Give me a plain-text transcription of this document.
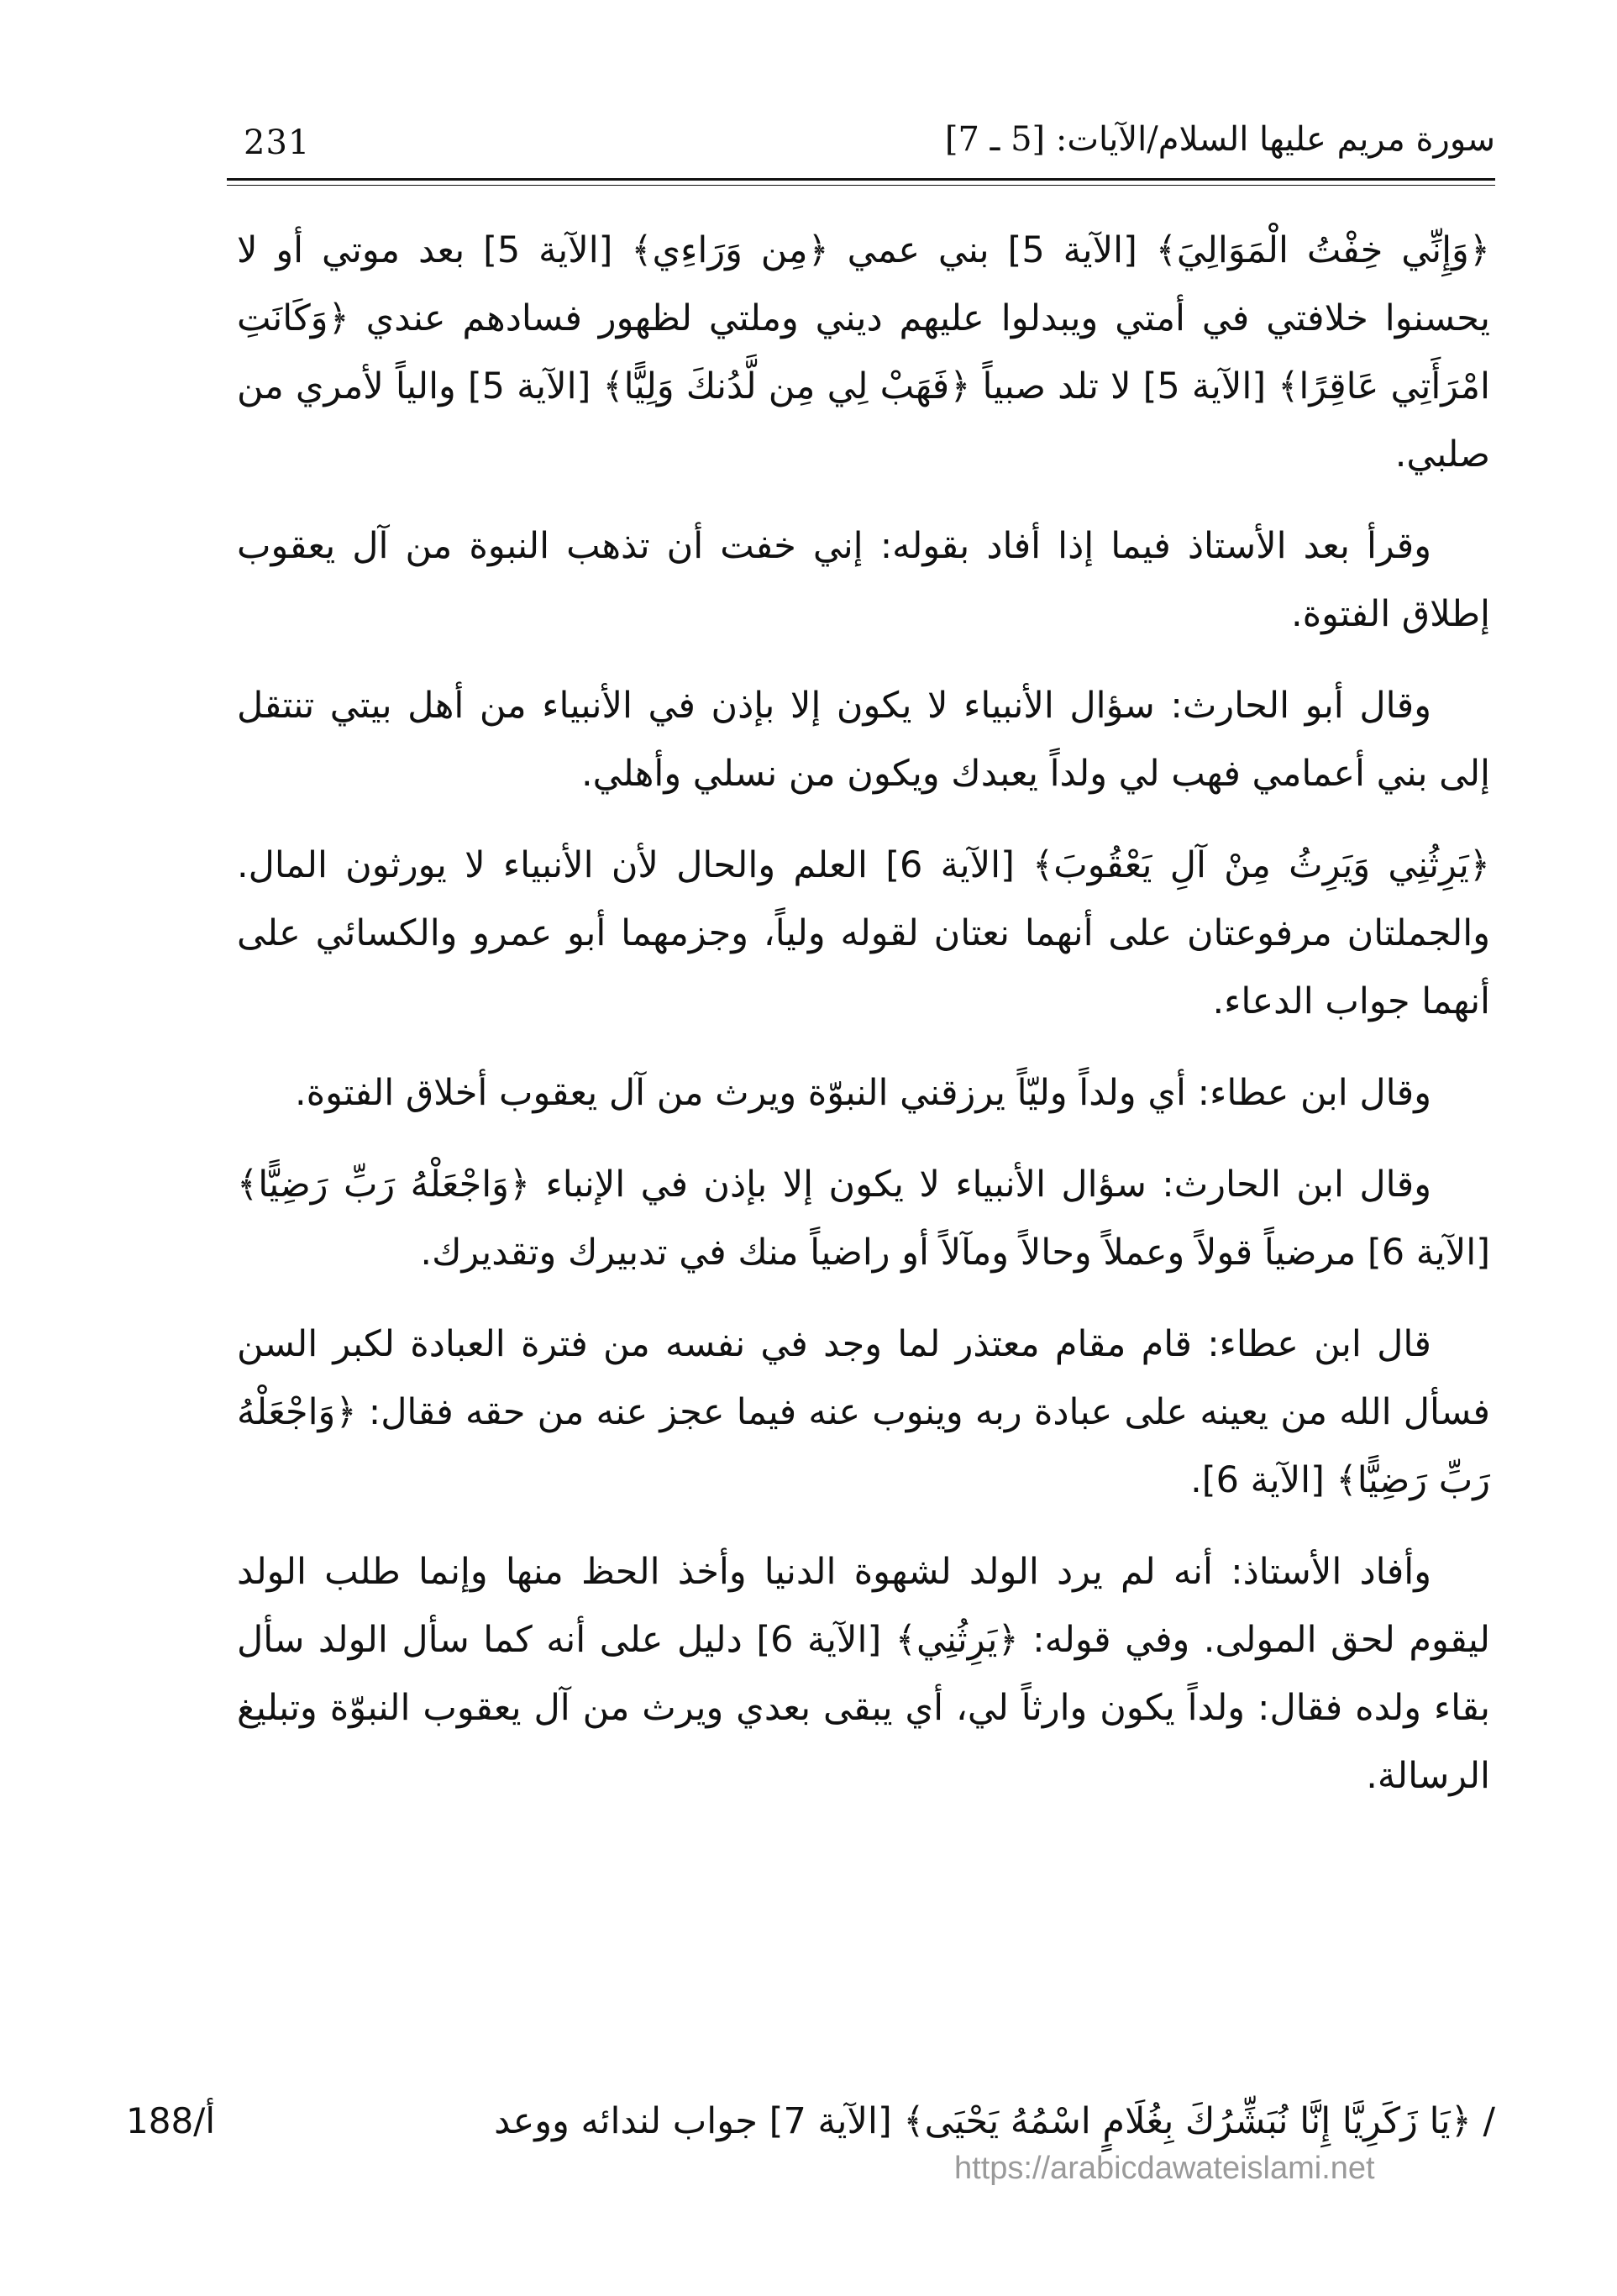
231	سورة مريم عليها السلام/الآيات: [5 ـ 7]

﴿وَإِنِّي خِفْتُ الْمَوَالِيَ﴾ [الآية 5] بني عمي ﴿مِن وَرَاءِي﴾ [الآية 5] بعد موتي أو لا يحسنوا خلافتي في أمتي ويبدلوا عليهم ديني وملتي لظهور فسادهم عندي ﴿وَكَانَتِ امْرَأَتِي عَاقِرًا﴾ [الآية 5] لا تلد صبياً ﴿فَهَبْ لِي مِن لَّدُنكَ وَلِيًّا﴾ [الآية 5] والياً لأمري من صلبي.

وقرأ بعد الأستاذ فيما إذا أفاد بقوله: إني خفت أن تذهب النبوة من آل يعقوب إطلاق الفتوة.

وقال أبو الحارث: سؤال الأنبياء لا يكون إلا بإذن في الأنبياء من أهل بيتي تنتقل إلى بني أعمامي فهب لي ولداً يعبدك ويكون من نسلي وأهلي.

﴿يَرِثُنِي وَيَرِثُ مِنْ آلِ يَعْقُوبَ﴾ [الآية 6] العلم والحال لأن الأنبياء لا يورثون المال. والجملتان مرفوعتان على أنهما نعتان لقوله ولياً، وجزمهما أبو عمرو والكسائي على أنهما جواب الدعاء.

وقال ابن عطاء: أي ولداً وليّاً يرزقني النبوّة ويرث من آل يعقوب أخلاق الفتوة.

وقال ابن الحارث: سؤال الأنبياء لا يكون إلا بإذن في الإنباء ﴿وَاجْعَلْهُ رَبِّ رَضِيًّا﴾ [الآية 6] مرضياً قولاً وعملاً وحالاً ومآلاً أو راضياً منك في تدبيرك وتقديرك.

قال ابن عطاء: قام مقام معتذر لما وجد في نفسه من فترة العبادة لكبر السن فسأل الله من يعينه على عبادة ربه وينوب عنه فيما عجز عنه من حقه فقال: ﴿وَاجْعَلْهُ رَبِّ رَضِيًّا﴾ [الآية 6].

وأفاد الأستاذ: أنه لم يرد الولد لشهوة الدنيا وأخذ الحظ منها وإنما طلب الولد ليقوم لحق المولى. وفي قوله: ﴿يَرِثُنِي﴾ [الآية 6] دليل على أنه كما سأل الولد سأل بقاء ولده فقال: ولداً يكون وارثاً لي، أي يبقى بعدي ويرث من آل يعقوب النبوّة وتبليغ الرسالة.

188/أ	/ ﴿يَا زَكَرِيَّا إِنَّا نُبَشِّرُكَ بِغُلَامٍ اسْمُهُ يَحْيَى﴾ [الآية 7] جواب لندائه ووعد
https://arabicdawateislami.net
